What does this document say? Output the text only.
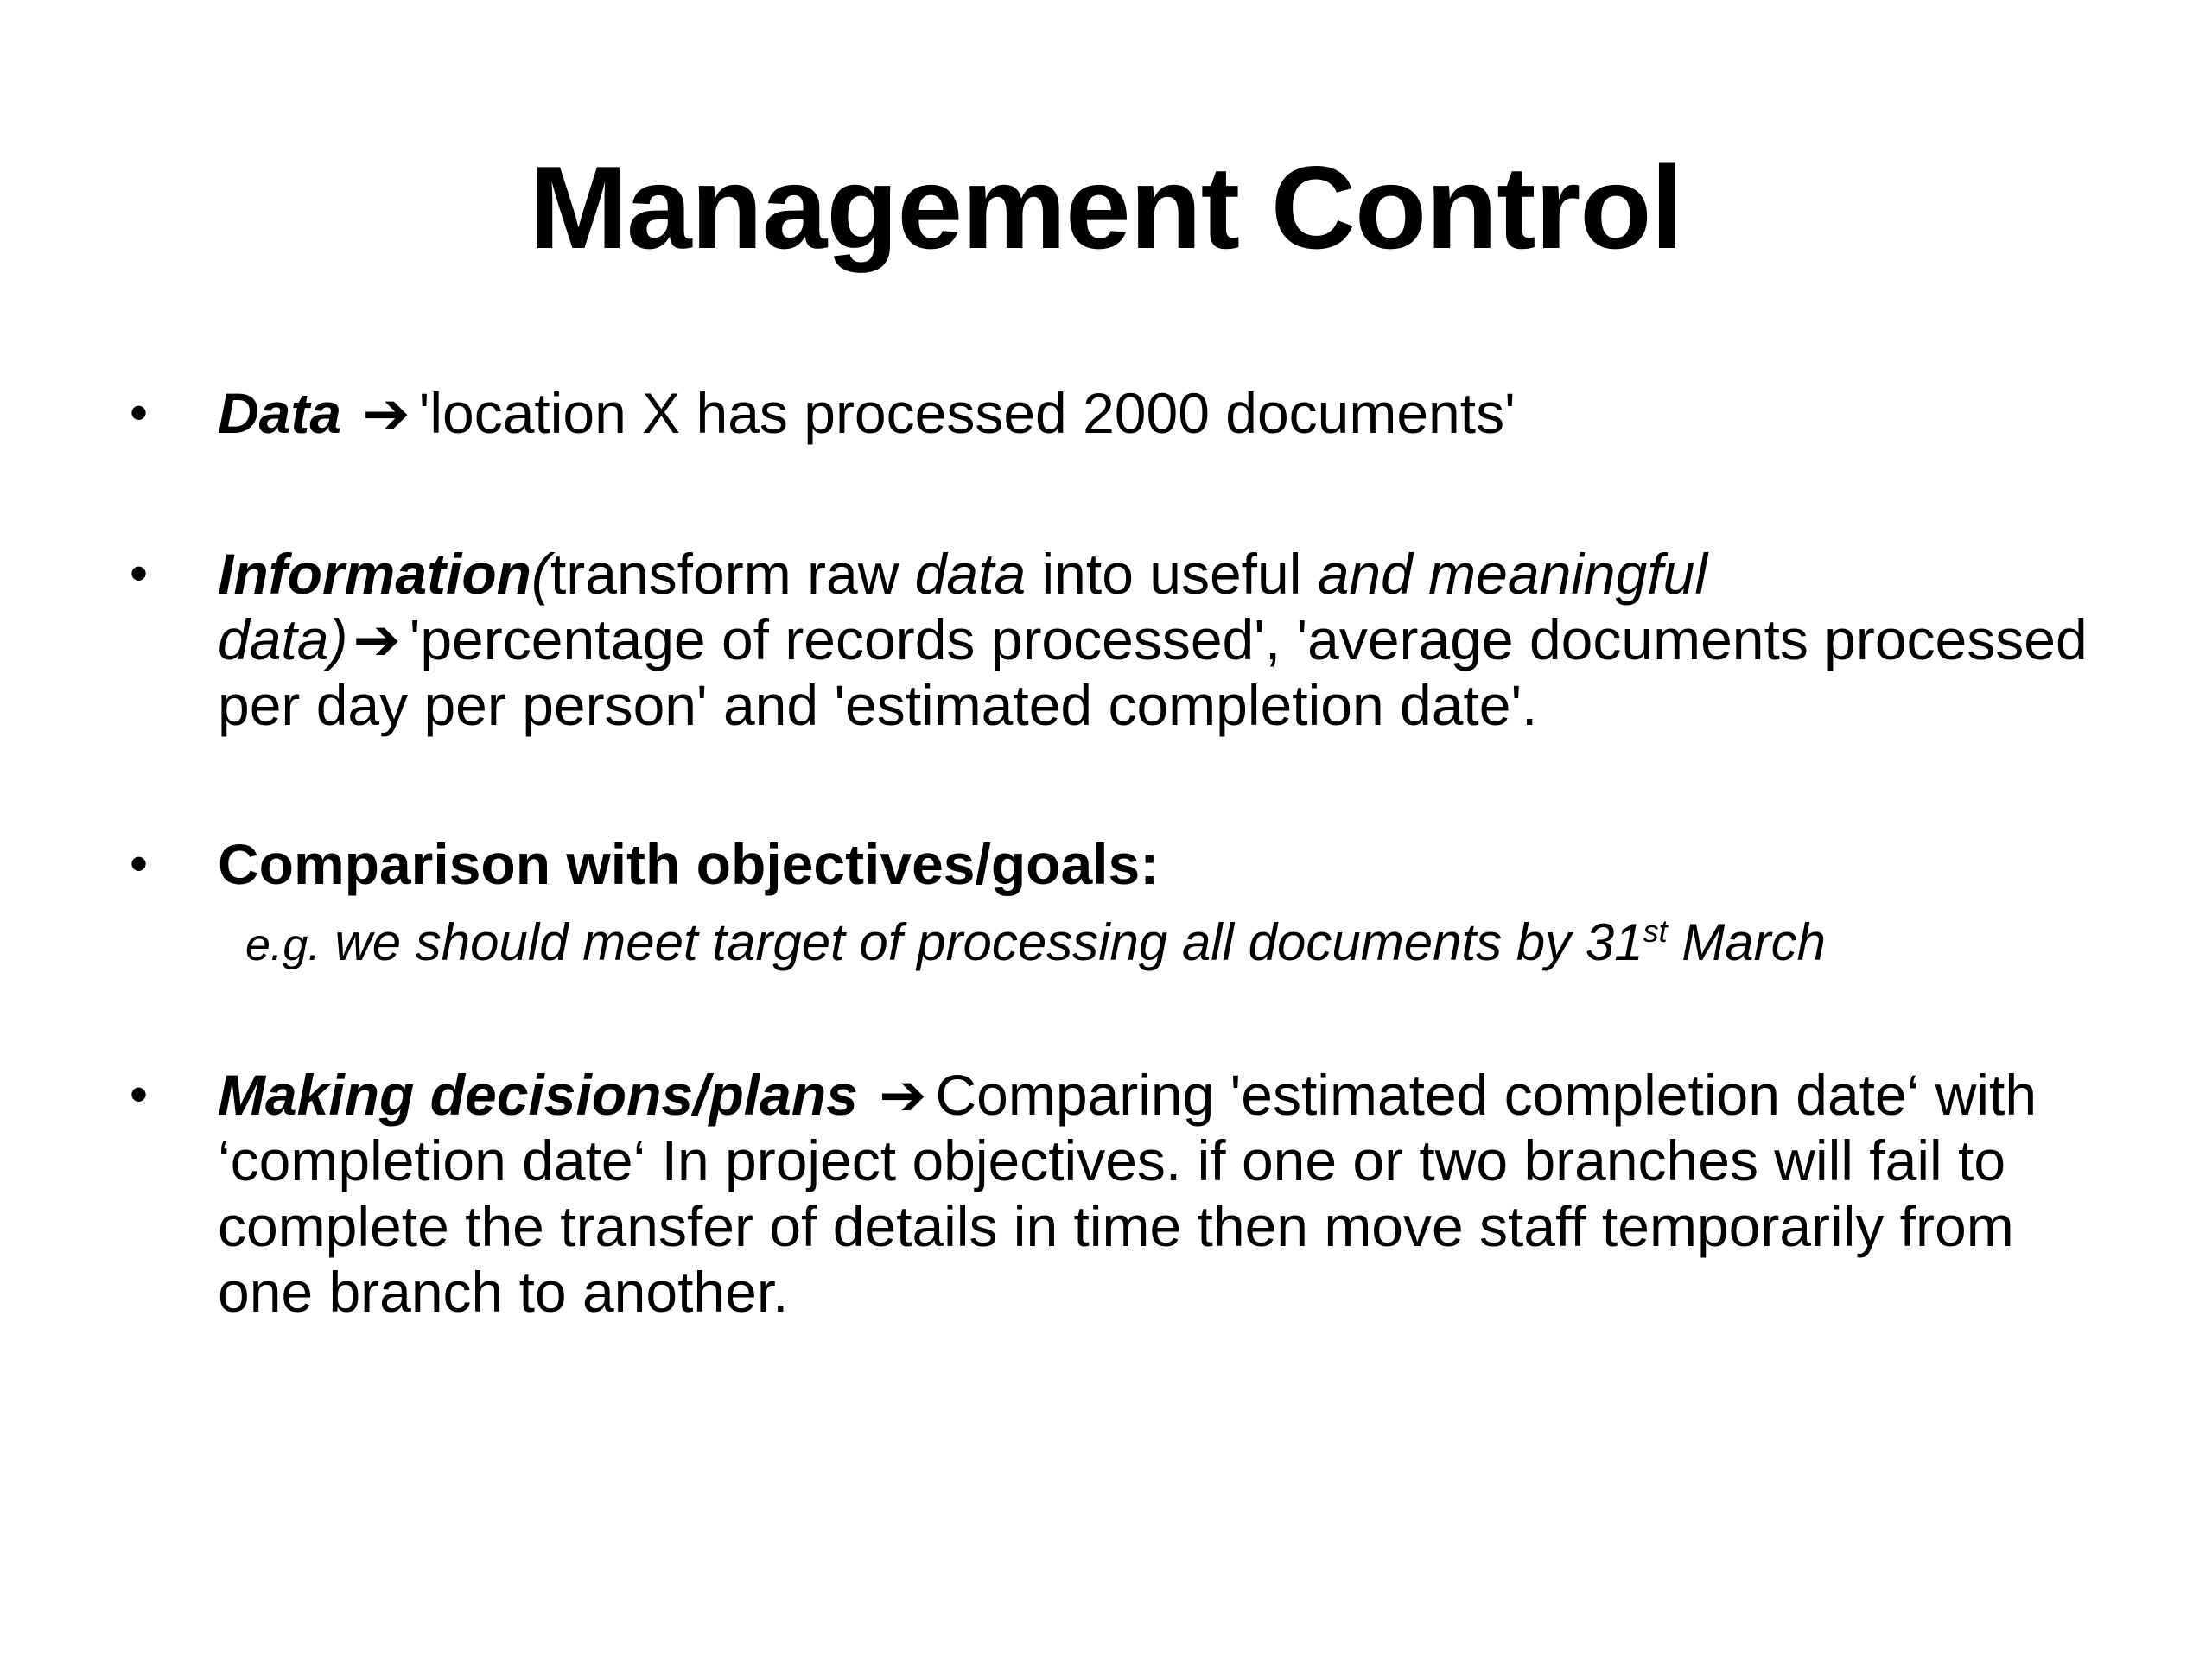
Management Control
• Data ➔ 'location X has processed 2000 documents'
• Information(transform raw data into useful and meaningful data)➔ 'percentage of records processed', 'average documents processed per day per person' and 'estimated completion date'.
• Comparison with objectives/goals:
e.g. we should meet target of processing all documents by 31st March
• Making decisions/plans ➔ Comparing 'estimated completion date‘ with ‘completion date‘ In project objectives. if one or two branches will fail to complete the transfer of details in time then move staff temporarily from one branch to another.
